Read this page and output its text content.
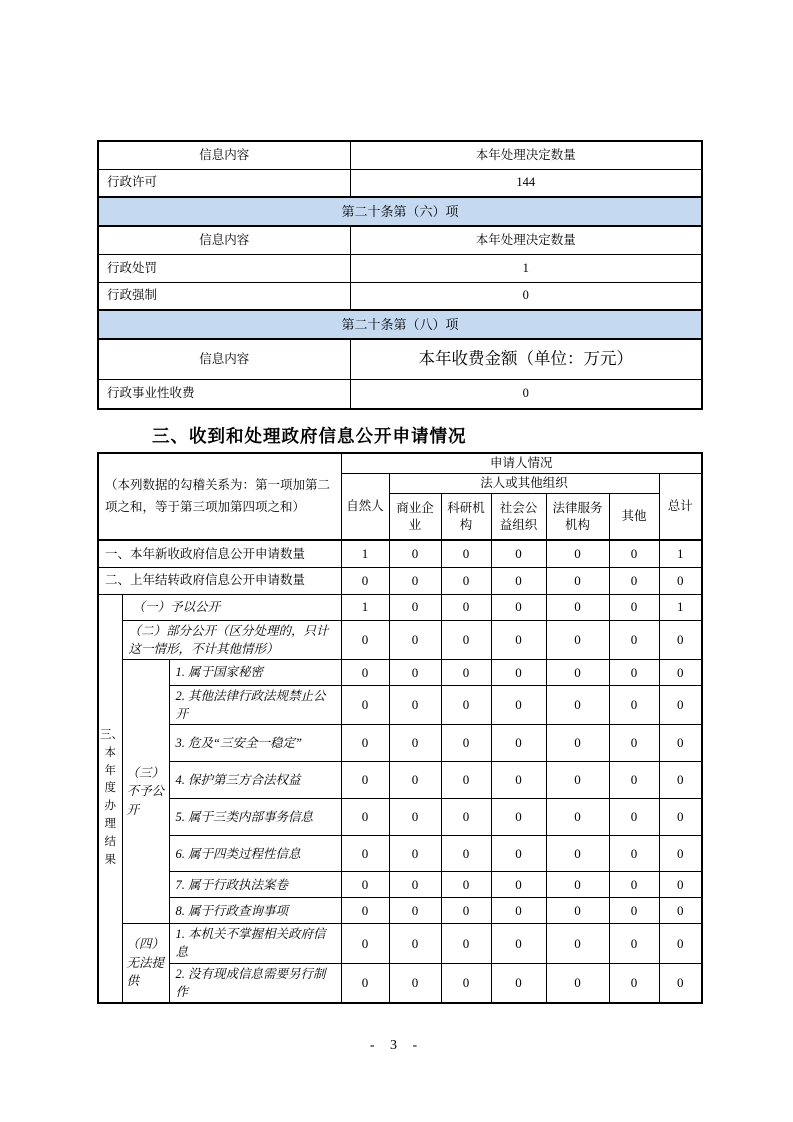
信息内容	本年处理决定数量
行政许可	144
第二十条第（六）项	
信息内容	本年处理决定数量
行政处罚	1
行政强制	0
第二十条第（八）项	
信息内容	本年收费金额（单位：万元）
行政事业性收费	0
三、收到和处理政府信息公开申请情况
（本列数据的勾稽关系为：第一项加第二项之和，等于第三项加第四项之和）			申请人情况						
			自然人	法人或其他组织					总计
				商业企业	科研机构	社会公益组织	法律服务机构	其他	
一、本年新收政府信息公开申请数量			1	0	0	0	0	0	1
二、上年结转政府信息公开申请数量			0	0	0	0	0	0	0
三、本年度办理结果	（一）予以公开		1	0	0	0	0	0	1
	（二）部分公开（区分处理的，只计这一情形，不计其他情形）		0	0	0	0	0	0	0
	（三）不予公开	1. 属于国家秘密	0	0	0	0	0	0	0
		2. 其他法律行政法规禁止公开	0	0	0	0	0	0	0
		3. 危及“三安全一稳定”	0	0	0	0	0	0	0
		4. 保护第三方合法权益	0	0	0	0	0	0	0
		5. 属于三类内部事务信息	0	0	0	0	0	0	0
		6. 属于四类过程性信息	0	0	0	0	0	0	0
		7. 属于行政执法案卷	0	0	0	0	0	0	0
		8. 属于行政查询事项	0	0	0	0	0	0	0
	（四）无法提供	1. 本机关不掌握相关政府信息	0	0	0	0	0	0	0
		2. 没有现成信息需要另行制作	0	0	0	0	0	0	0
- 3 -
